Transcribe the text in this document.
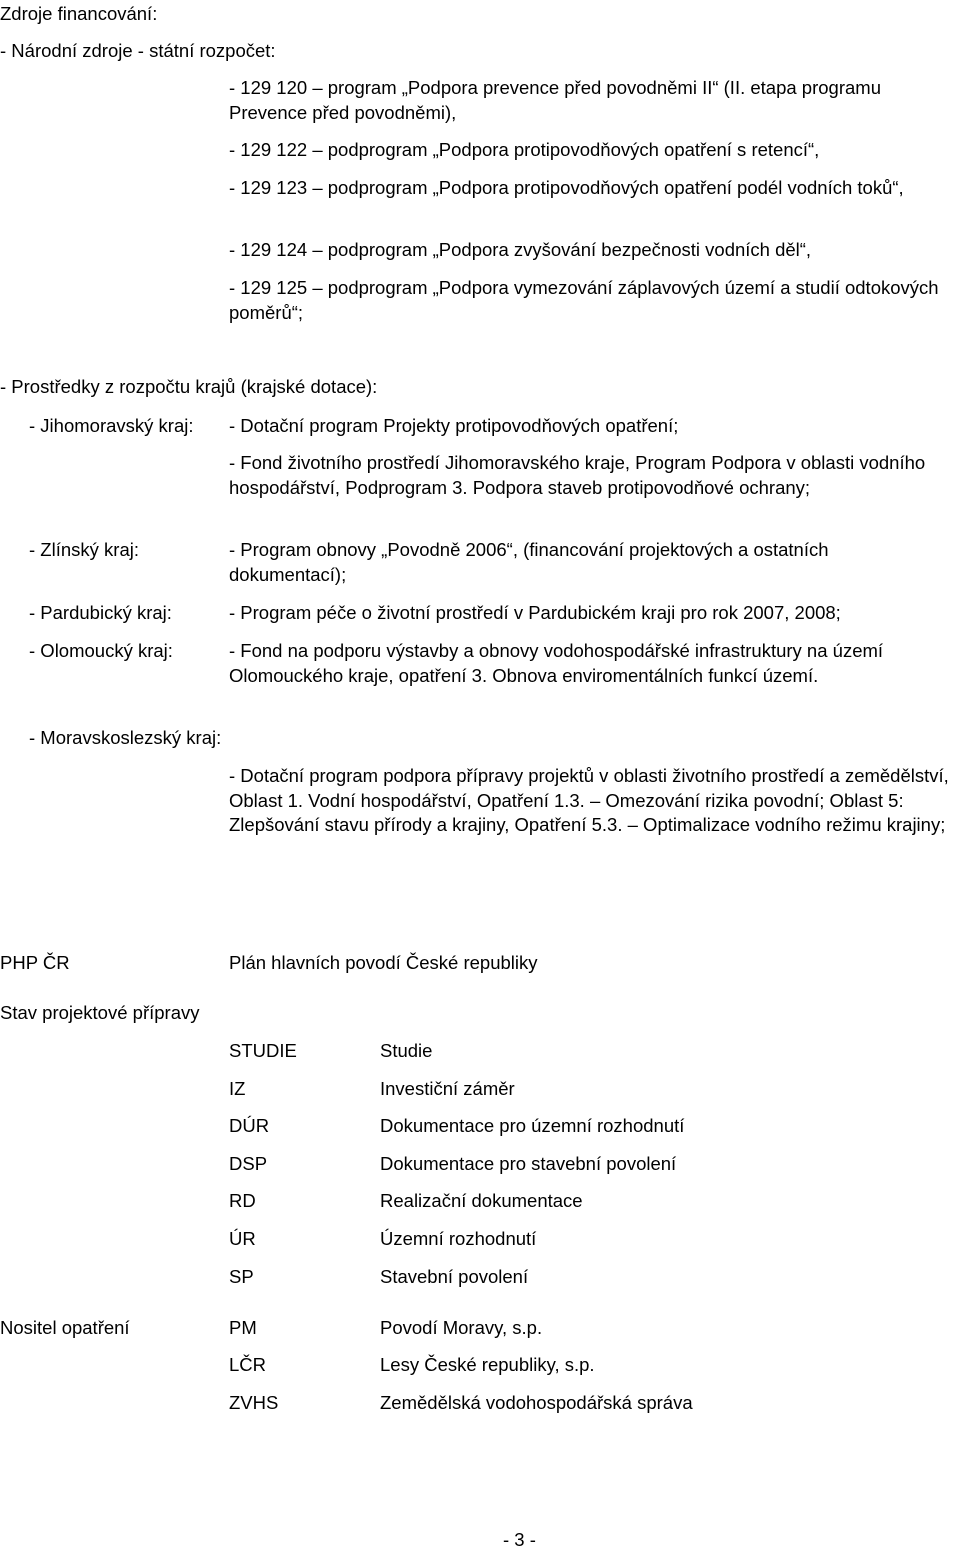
Zdroje financování:
- Národní zdroje - státní rozpočet:
- 129 120 – program „Podpora prevence před povodněmi II“ (II. etapa programu Prevence před povodněmi),
- 129 122 – podprogram „Podpora protipovodňových opatření s retencí“,
- 129 123 – podprogram „Podpora protipovodňových opatření podél vodních toků“,
- 129 124 – podprogram „Podpora zvyšování bezpečnosti vodních děl“,
- 129 125 – podprogram „Podpora vymezování záplavových území a studií odtokových poměrů“;
- Prostředky z rozpočtu krajů (krajské dotace):
- Jihomoravský kraj: - Dotační program Projekty protipovodňových opatření;
- Fond životního prostředí Jihomoravského kraje, Program Podpora v oblasti vodního hospodářství, Podprogram 3. Podpora staveb protipovodňové ochrany;
- Zlínský kraj:	- Program obnovy „Povodně 2006“, (financování projektových a ostatních dokumentací);
- Pardubický kraj:	- Program péče o životní prostředí v Pardubickém kraji pro rok 2007, 2008;
- Olomoucký kraj:	- Fond na podporu výstavby a obnovy vodohospodářské infrastruktury na území Olomouckého kraje, opatření 3. Obnova enviromentálních funkcí území.
- Moravskoslezský kraj:
- Dotační program podpora přípravy projektů v oblasti životního prostředí a zemědělství, Oblast 1. Vodní hospodářství, Opatření 1.3. – Omezování rizika povodní; Oblast 5: Zlepšování stavu přírody a krajiny, Opatření 5.3. – Optimalizace vodního režimu krajiny;
PHP ČR	Plán hlavních povodí České republiky
Stav projektové přípravy
STUDIE	Studie
IZ	Investiční záměr
DÚR	Dokumentace pro územní rozhodnutí
DSP	Dokumentace pro stavební povolení
RD	Realizační dokumentace
ÚR	Územní rozhodnutí
SP	Stavební povolení
Nositel opatření	PM	Povodí Moravy, s.p.
LČR	Lesy České republiky, s.p.
ZVHS	Zemědělská vodohospodářská správa
- 3 -
